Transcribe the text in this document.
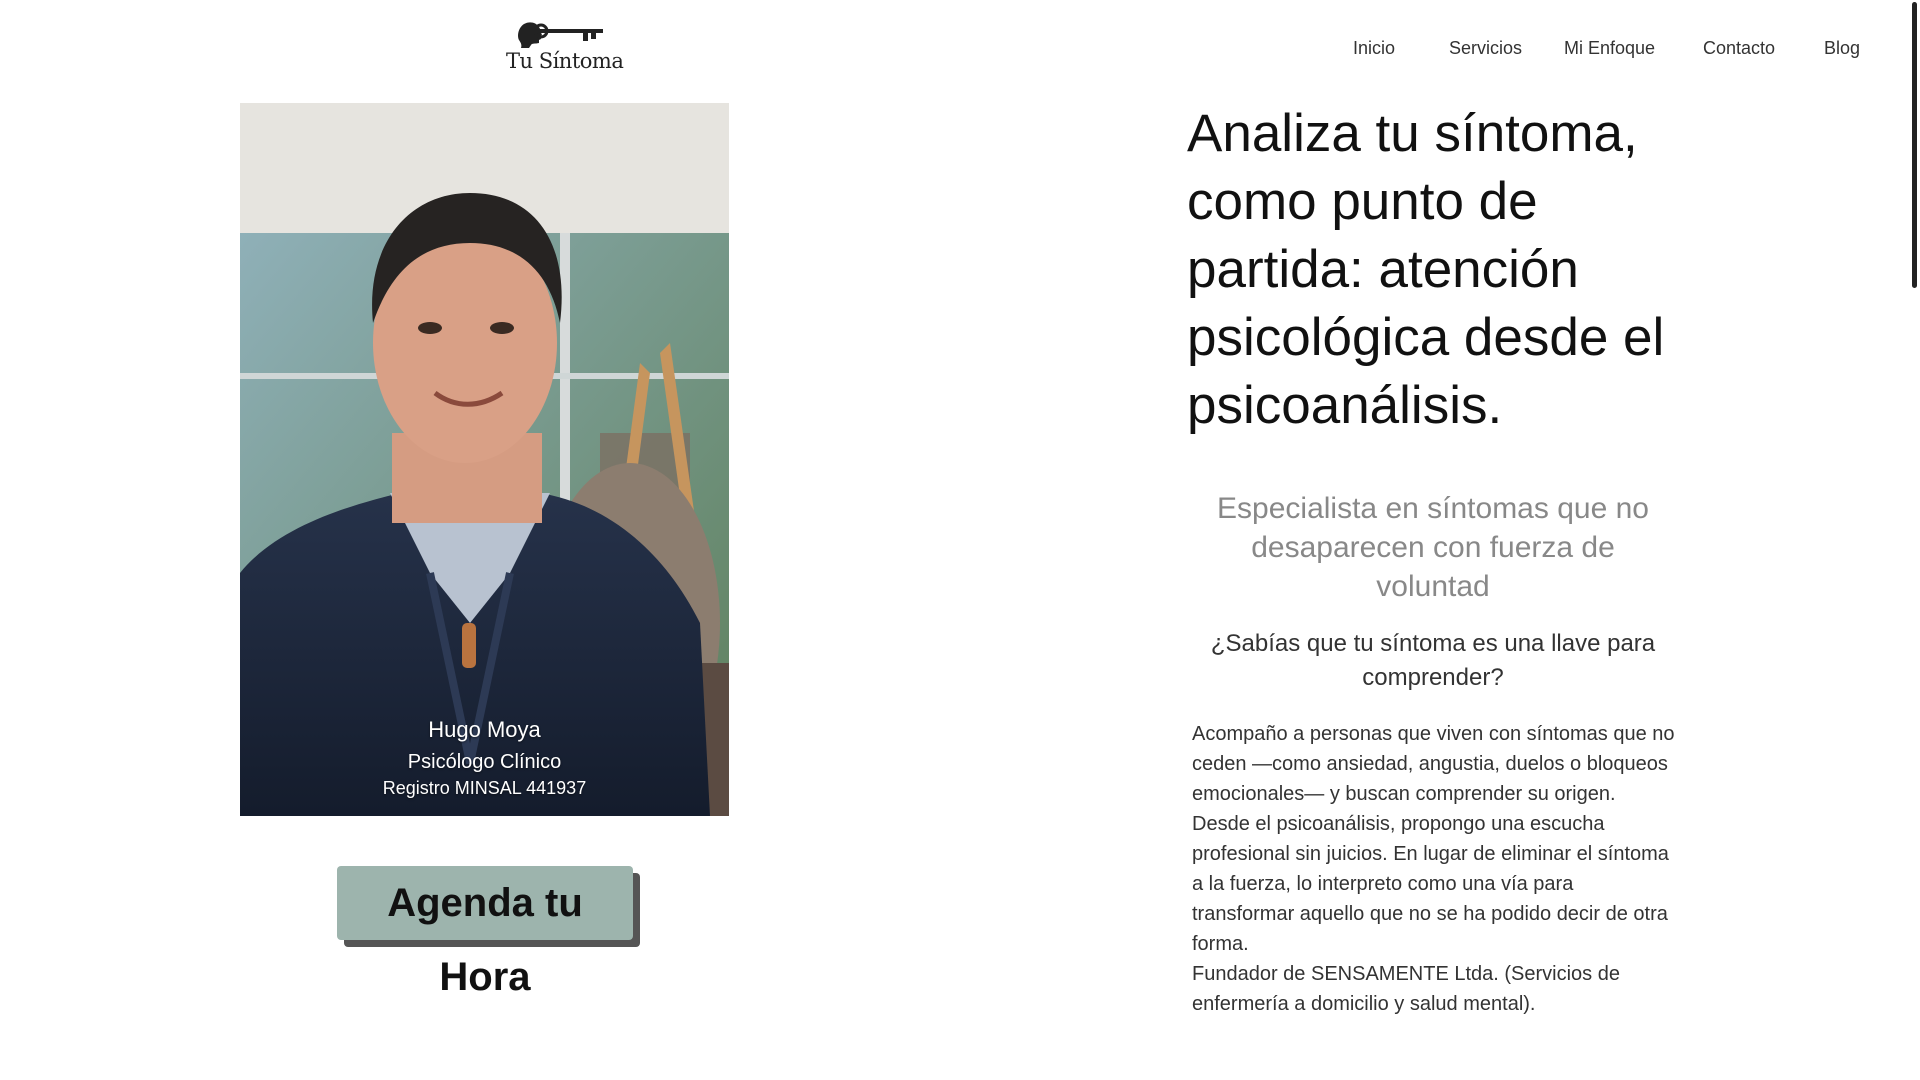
Tu Síntoma
Inicio	Servicios Mi Enfoque	Contacto	Blog
Hugo Moya
Psicólogo Clínico
Registro MINSAL 441937
Agenda tu Hora
Analiza tu síntoma, como punto de partida: atención psicológica desde el psicoanálisis.
Especialista en síntomas que no desaparecen con fuerza de voluntad
¿Sabías que tu síntoma es una llave para comprender?

Acompaño a personas que viven con síntomas que no ceden —como ansiedad, angustia, duelos o bloqueos emocionales— y buscan comprender su origen.

Desde el psicoanálisis, propongo una escucha profesional sin juicios. En lugar de eliminar el síntoma a la fuerza, lo interpreto como una vía para transformar aquello que no se ha podido decir de otra forma.

Fundador de SENSAMENTE Ltda. (Servicios de enfermería a domicilio y salud mental).
